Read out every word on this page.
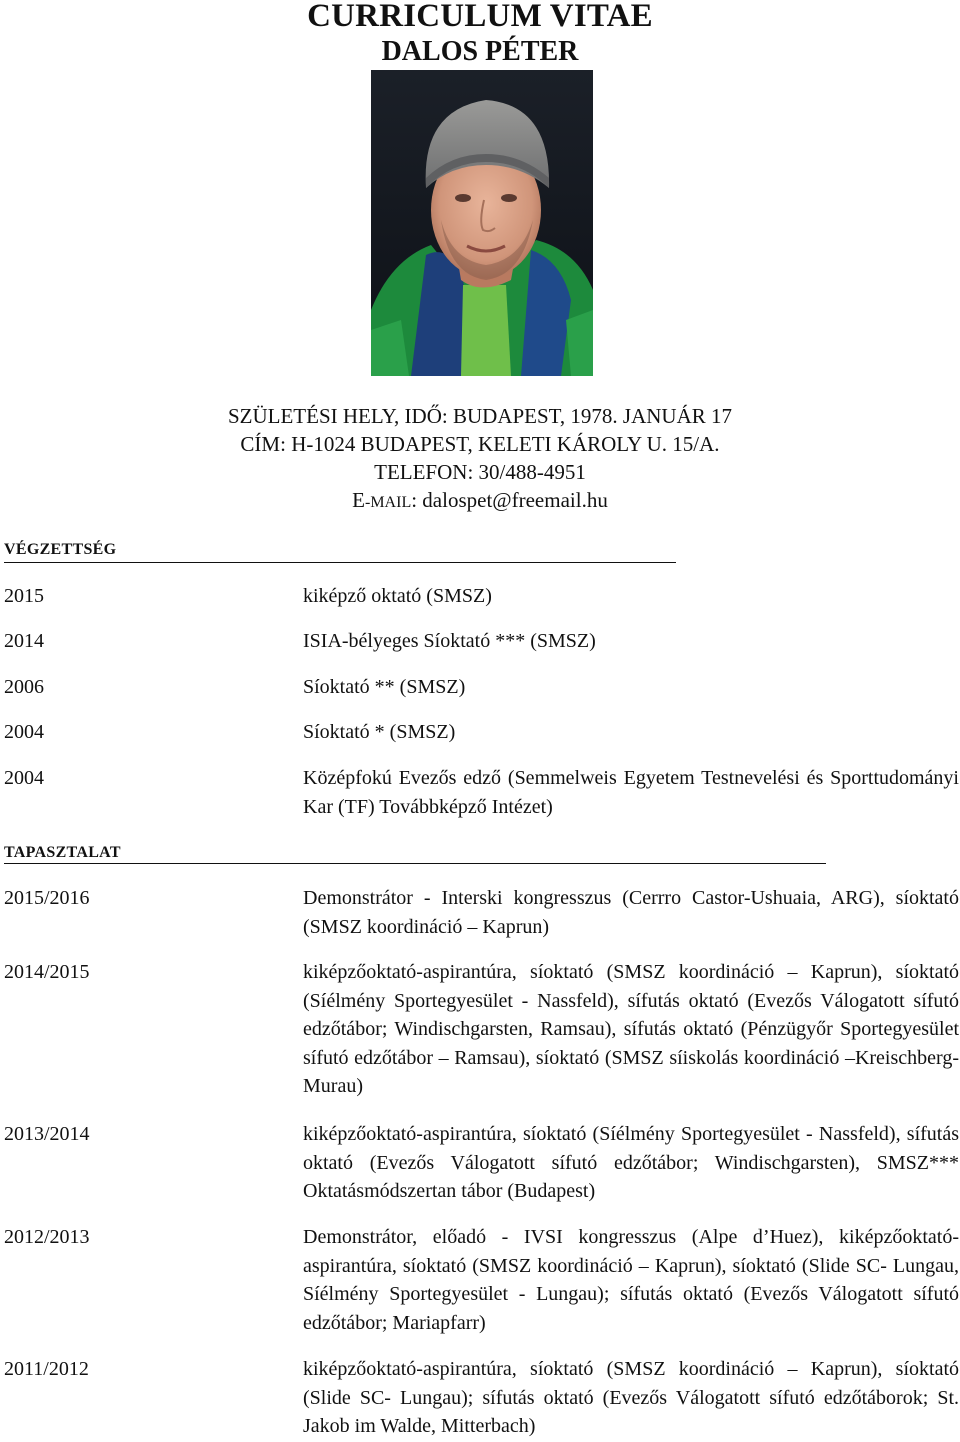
CURRICULUM VITAE
DALOS PÉTER
SZÜLETÉSI HELY, IDŐ: BUDAPEST, 1978. JANUÁR 17
CÍM: H-1024 BUDAPEST, KELETI KÁROLY U. 15/A.
TELEFON: 30/488-4951
E-MAIL: dalospet@freemail.hu
VÉGZETTSÉG
2015	kiképző oktató (SMSZ)
2014	ISIA-bélyeges Síoktató *** (SMSZ)
2006	Síoktató ** (SMSZ)
2004	Síoktató * (SMSZ)
2004	Középfokú Evezős edző (Semmelweis Egyetem Testnevelési és Sporttudományi Kar (TF) Továbbképző Intézet)
TAPASZTALAT
2015/2016	Demonstrátor - Interski kongresszus (Cerrro Castor-Ushuaia, ARG), síoktató (SMSZ koordináció – Kaprun)
2014/2015	kiképzőoktató-aspirantúra, síoktató (SMSZ koordináció – Kaprun), síoktató (Síélmény Sportegyesület - Nassfeld), sífutás oktató (Evezős Válogatott sífutó edzőtábor; Windischgarsten, Ramsau), sífutás oktató (Pénzügyőr Sportegyesület sífutó edzőtábor – Ramsau), síoktató (SMSZ síiskolás koordináció –Kreischberg-Murau)
2013/2014	kiképzőoktató-aspirantúra, síoktató (Síélmény Sportegyesület - Nassfeld), sífutás oktató (Evezős Válogatott sífutó edzőtábor; Windischgarsten), SMSZ*** Oktatásmódszertan tábor (Budapest)
2012/2013	Demonstrátor, előadó - IVSI kongresszus (Alpe d’Huez), kiképzőoktató-aspirantúra, síoktató (SMSZ koordináció – Kaprun), síoktató (Slide SC- Lungau, Síélmény Sportegyesület - Lungau); sífutás oktató (Evezős Válogatott sífutó edzőtábor; Mariapfarr)
2011/2012	kiképzőoktató-aspirantúra, síoktató (SMSZ koordináció – Kaprun), síoktató (Slide SC- Lungau); sífutás oktató (Evezős Válogatott sífutó edzőtáborok; St. Jakob im Walde, Mitterbach)
